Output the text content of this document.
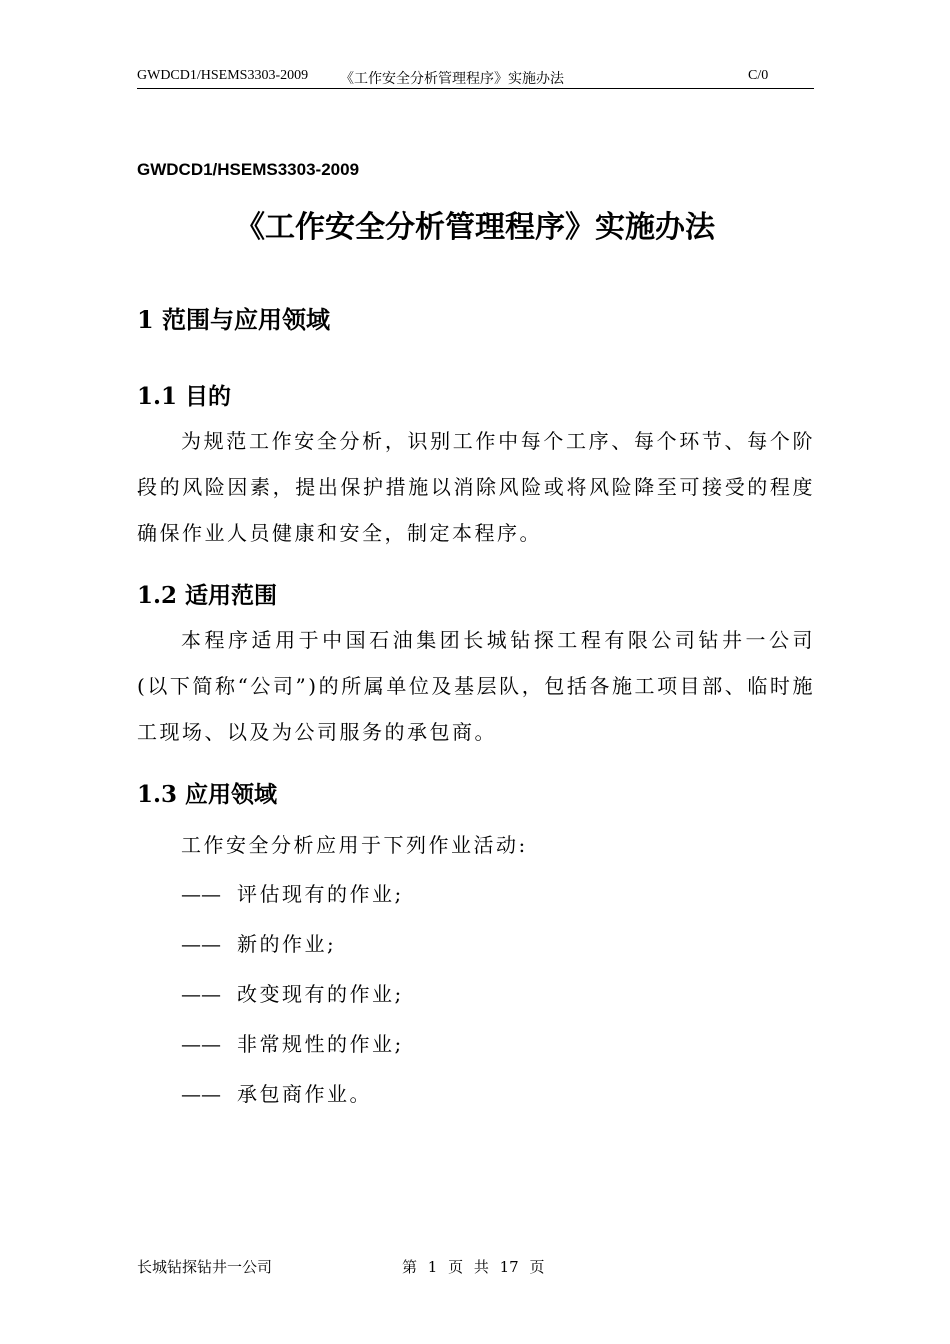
GWDCD1/HSEMS3303-2009 《工作安全分析管理程序》实施办法	C/0
GWDCD1/HSEMS3303-2009
《工作安全分析管理程序》实施办法
1 范围与应用领域
1.1 目的
为规范工作安全分析，识别工作中每个工序、每个环节、每个阶段的风险因素，提出保护措施以消除风险或将风险降至可接受的程度确保作业人员健康和安全，制定本程序。
1.2 适用范围
本程序适用于中国石油集团长城钻探工程有限公司钻井一公司(以下简称“公司”)的所属单位及基层队，包括各施工项目部、临时施工现场、以及为公司服务的承包商。
1.3 应用领域
工作安全分析应用于下列作业活动:
—— 评估现有的作业;
—— 新的作业;
—— 改变现有的作业;
—— 非常规性的作业;
—— 承包商作业。
长城钻探钻井一公司	第 1 页 共 17 页
